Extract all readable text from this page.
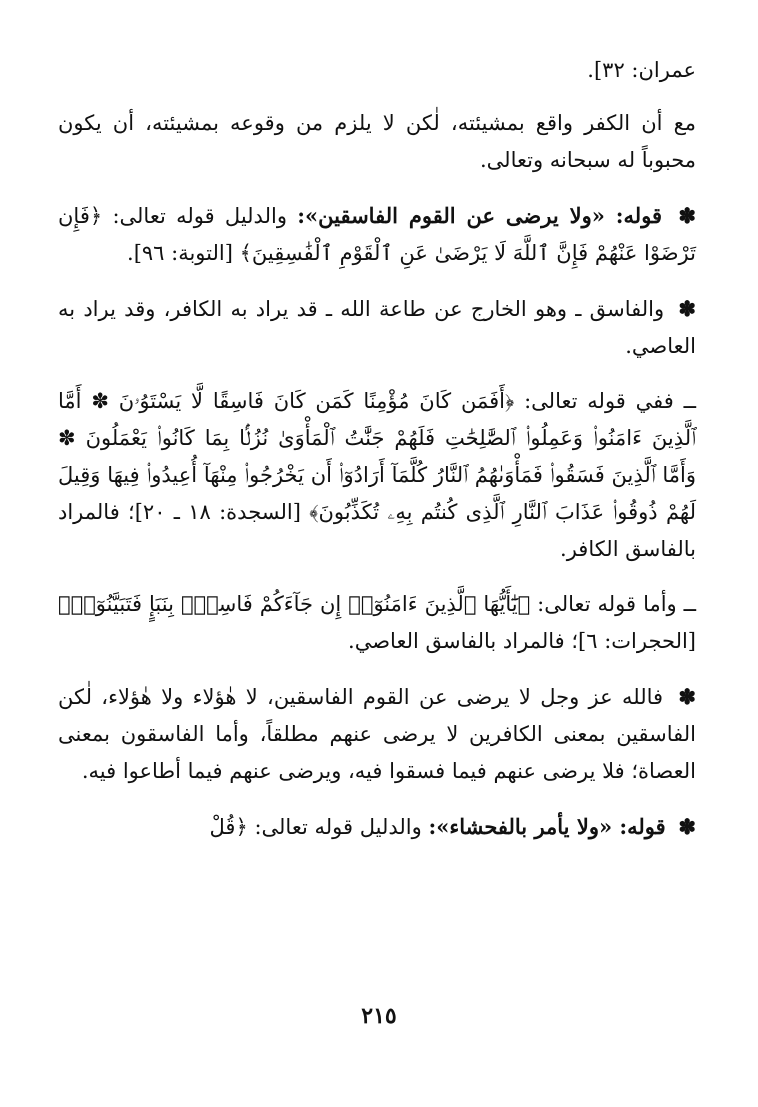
عمران: ٣٢].

مع أن الكفر واقع بمشيئته، لٰكن لا يلزم من وقوعه بمشيئته، أن يكون محبوباً له سبحانه وتعالى.

✽ قوله: «ولا يرضى عن القوم الفاسقين»: والدليل قوله تعالى: ﴿فَإِن تَرْضَوْا عَنْهُمْ فَإِنَّ ٱللَّهَ لَا يَرْضَىٰ عَنِ ٱلْقَوْمِ ٱلْفَٰسِقِينَ﴾ [التوبة: ٩٦].

✽ والفاسق ـ وهو الخارج عن طاعة الله ـ قد يراد به الكافر، وقد يراد به العاصي.

ــ ففي قوله تعالى: ﴿أَفَمَن كَانَ مُؤْمِنًا كَمَن كَانَ فَاسِقًا لَّا يَسْتَوُۥنَ ✽ أَمَّا ٱلَّذِينَ ءَامَنُوا۟ وَعَمِلُوا۟ ٱلصَّٰلِحَٰتِ فَلَهُمْ جَنَّٰتُ ٱلْمَأْوَىٰ نُزُلًۢا بِمَا كَانُوا۟ يَعْمَلُونَ ✽ وَأَمَّا ٱلَّذِينَ فَسَقُوا۟ فَمَأْوَىٰهُمُ ٱلنَّارُ كُلَّمَآ أَرَادُوٓا۟ أَن يَخْرُجُوا۟ مِنْهَآ أُعِيدُوا۟ فِيهَا وَقِيلَ لَهُمْ ذُوقُوا۟ عَذَابَ ٱلنَّارِ ٱلَّذِى كُنتُم بِهِۦ تُكَذِّبُونَ﴾ [السجدة: ١٨ ـ ٢٠]؛ فالمراد بالفاسق الكافر.

ــ وأما قوله تعالى: ﴿يَٰٓأَيُّهَا ٱلَّذِينَ ءَامَنُوٓا۟ إِن جَآءَكُمْ فَاسِقٌۢ بِنَبَإٍ فَتَبَيَّنُوٓا۟﴾ [الحجرات: ٦]؛ فالمراد بالفاسق العاصي.

✽ فالله عز وجل لا يرضى عن القوم الفاسقين، لا هٰؤلاء ولا هٰؤلاء، لٰكن الفاسقين بمعنى الكافرين لا يرضى عنهم مطلقاً، وأما الفاسقون بمعنى العصاة؛ فلا يرضى عنهم فيما فسقوا فيه، ويرضى عنهم فيما أطاعوا فيه.

✽ قوله: «ولا يأمر بالفحشاء»: والدليل قوله تعالى: ﴿قُلْ

٢١٥
